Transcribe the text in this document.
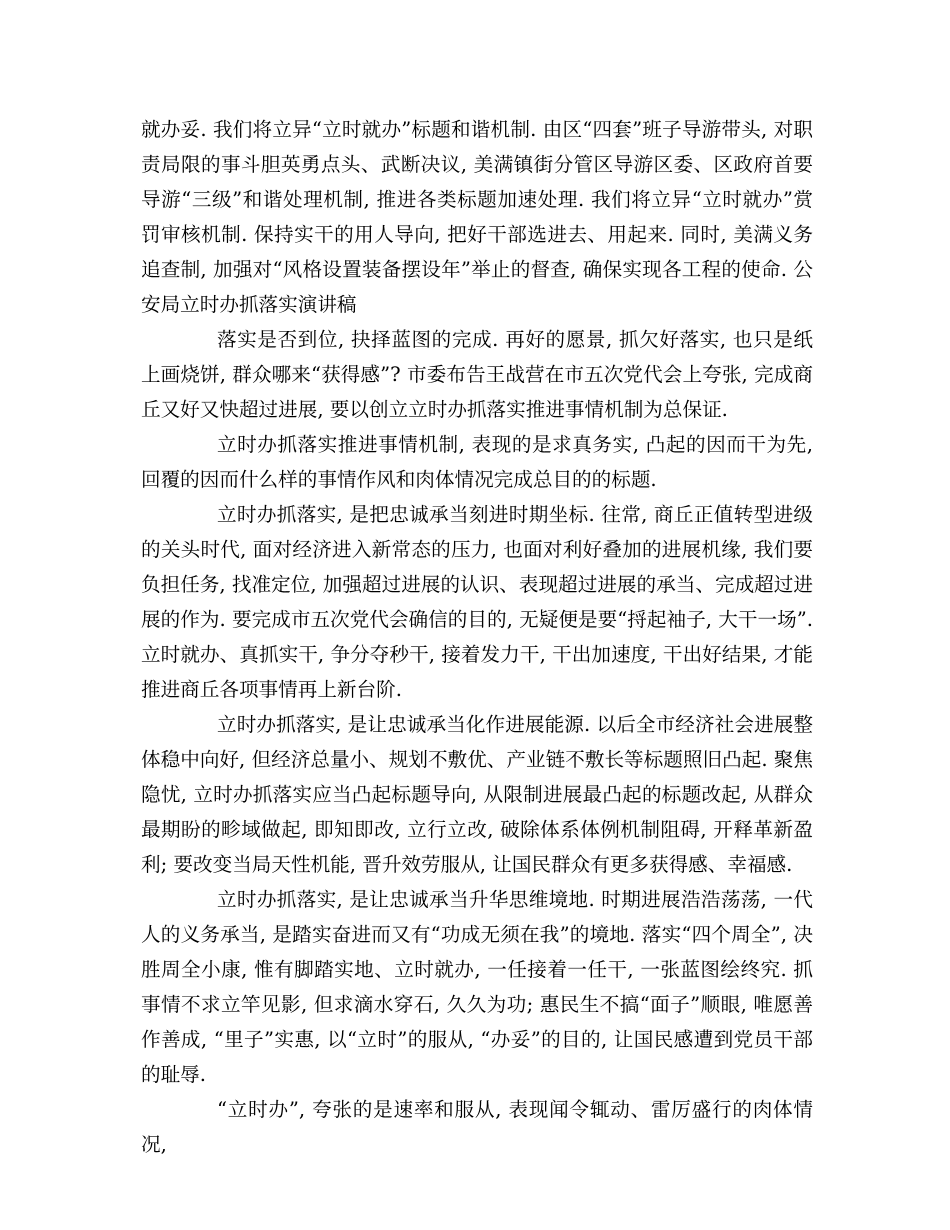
就办妥. 我们将立异“立时就办”标题和谐机制. 由区“四套”班子导游带头, 对职责局限的事斗胆英勇点头、武断决议, 美满镇街分管区导游区委、区政府首要导游“三级”和谐处理机制, 推进各类标题加速处理. 我们将立异“立时就办”赏罚审核机制. 保持实干的用人导向, 把好干部选进去、用起来. 同时, 美满义务追查制, 加强对“风格设置装备摆设年”举止的督查, 确保实现各工程的使命. 公安局立时办抓落实演讲稿

落实是否到位, 抉择蓝图的完成. 再好的愿景, 抓欠好落实, 也只是纸上画烧饼, 群众哪来“获得感”? 市委布告王战营在市五次党代会上夸张, 完成商丘又好又快超过进展, 要以创立立时办抓落实推进事情机制为总保证.

立时办抓落实推进事情机制, 表现的是求真务实, 凸起的因而干为先, 回覆的因而什么样的事情作风和肉体情况完成总目的的标题.

立时办抓落实, 是把忠诚承当刻进时期坐标. 往常, 商丘正值转型进级的关头时代, 面对经济进入新常态的压力, 也面对利好叠加的进展机缘, 我们要负担任务, 找准定位, 加强超过进展的认识、表现超过进展的承当、完成超过进展的作为. 要完成市五次党代会确信的目的, 无疑便是要“捋起袖子, 大干一场”. 立时就办、真抓实干, 争分夺秒干, 接着发力干, 干出加速度, 干出好结果, 才能推进商丘各项事情再上新台阶.

立时办抓落实, 是让忠诚承当化作进展能源. 以后全市经济社会进展整体稳中向好, 但经济总量小、规划不敷优、产业链不敷长等标题照旧凸起. 聚焦隐忧, 立时办抓落实应当凸起标题导向, 从限制进展最凸起的标题改起, 从群众最期盼的畛域做起, 即知即改, 立行立改, 破除体系体例机制阻碍, 开释革新盈利; 要改变当局天性机能, 晋升效劳服从, 让国民群众有更多获得感、幸福感.

立时办抓落实, 是让忠诚承当升华思维境地. 时期进展浩浩荡荡, 一代人的义务承当, 是踏实奋进而又有“功成无须在我”的境地. 落实“四个周全”, 决胜周全小康, 惟有脚踏实地、立时就办, 一任接着一任干, 一张蓝图绘终究. 抓事情不求立竿见影, 但求滴水穿石, 久久为功; 惠民生不搞“面子”顺眼, 唯愿善作善成, “里子”实惠, 以“立时”的服从, “办妥”的目的, 让国民感遭到党员干部的耻辱.

“立时办”, 夸张的是速率和服从, 表现闻令辄动、雷厉盛行的肉体情况,
